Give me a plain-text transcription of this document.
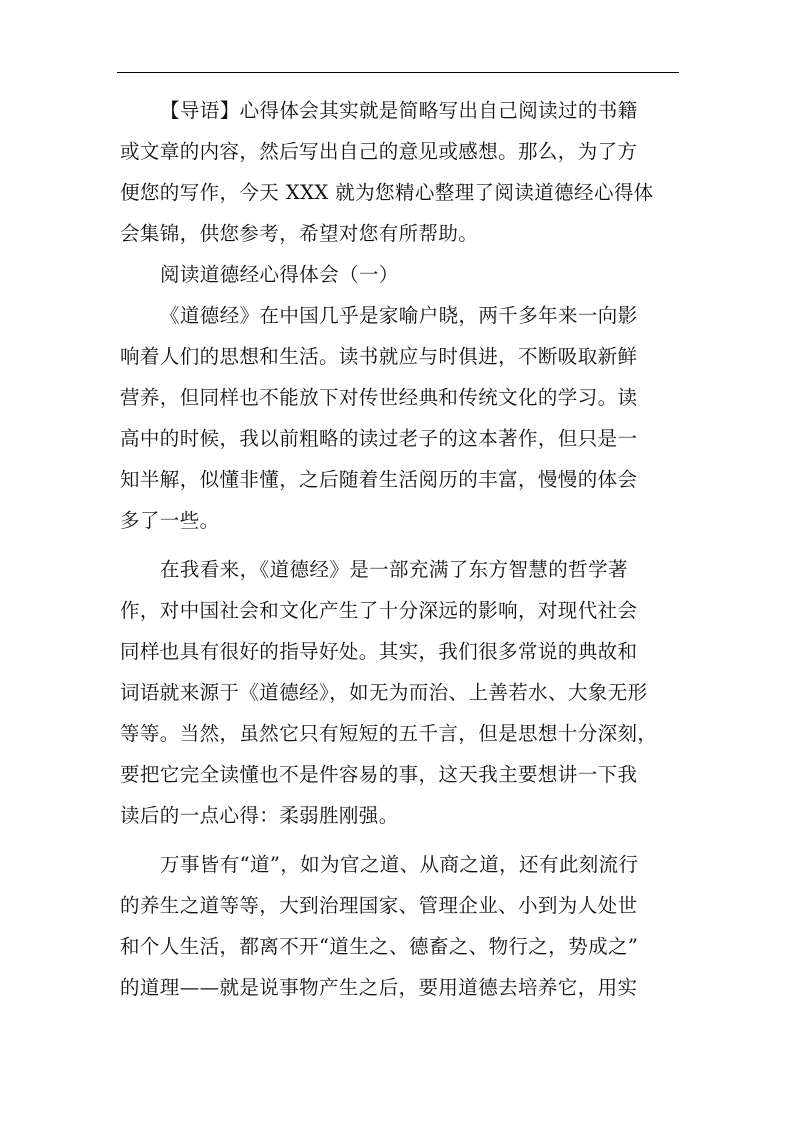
【导语】心得体会其实就是简略写出自己阅读过的书籍
或文章的内容，然后写出自己的意见或感想。那么，为了方
便您的写作，今天 XXX 就为您精心整理了阅读道德经心得体
会集锦，供您参考，希望对您有所帮助。
阅读道德经心得体会（一）
《道德经》在中国几乎是家喻户晓，两千多年来一向影
响着人们的思想和生活。读书就应与时俱进，不断吸取新鲜
营养，但同样也不能放下对传世经典和传统文化的学习。读
高中的时候，我以前粗略的读过老子的这本著作，但只是一
知半解，似懂非懂，之后随着生活阅历的丰富，慢慢的体会
多了一些。
在我看来，《道德经》是一部充满了东方智慧的哲学著
作，对中国社会和文化产生了十分深远的影响，对现代社会
同样也具有很好的指导好处。其实，我们很多常说的典故和
词语就来源于《道德经》，如无为而治、上善若水、大象无形
等等。当然，虽然它只有短短的五千言，但是思想十分深刻，
要把它完全读懂也不是件容易的事，这天我主要想讲一下我
读后的一点心得：柔弱胜刚强。
万事皆有“道”，如为官之道、从商之道，还有此刻流行
的养生之道等等，大到治理国家、管理企业、小到为人处世
和个人生活，都离不开“道生之、德畜之、物行之，势成之”
的道理——就是说事物产生之后，要用道德去培养它，用实
